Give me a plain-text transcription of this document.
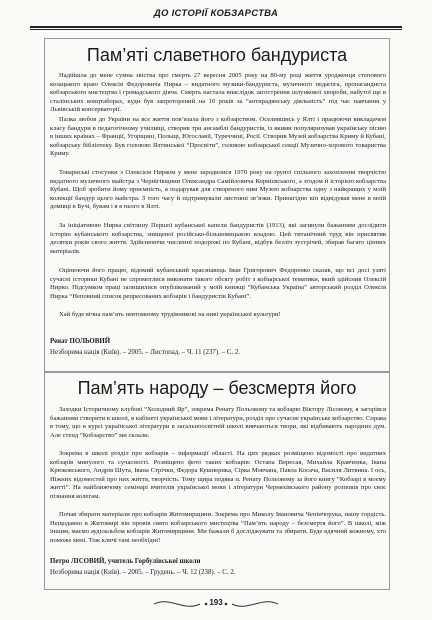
ДО ІСТОРІЇ КОБЗАРСТВА
Пам’яті славетного бандуриста
Надійшла до мене сумна звістка про смерть 27 вересня 2005 року на 80-му році життя уродженця степового козацького краю Олексія Федоровича Нирка – видатного музики-бандуриста, музичного педагога, пропагандиста кобзарського мистецтва і громадського діяча. Смерть настала внаслідок загострення шлункової хвороби, набутої ще в сталінських концтаборах, куди був запроторений на 10 років за “антирадянську діяльність” під час навчання у Львівській консерваторії.
Палка любов до України на все життя пов’язала його з кобзарством. Оселившись у Ялті і працюючи викладачем класу бандури в педагогічному училищі, створив три ансамблі бандуристів, із якими популяризував українську пісню в інших країнах – Франції, Угорщині, Польщі, Югославії, Туреччині, Росії. Створив Музей кобзарства Криму й Кубані, кобзарську бібліотеку. Був головою Ялтинської “Просвіти”, головою кобзарської секції Музично-хорового товариства Криму.
Товариські стосунки з Олексієм Нирком у мене зародилися 1970 року на ґрунті спільного захоплення творчістю видатного музичного майстра з Чернігівщини Олександра Самійловича Корнієвського, а згодом й історією кобзарства Кубані. Щоб зробити йому приємність, я подарував для створеного ним Музею кобзарства одну з найкращих у моїй колекції бандур цього майстра. З того часу й підтримували листовні зв’язки. Принагідно він відвідував мене в моїй домівці в Бучі, бувам і я в нього в Ялті.
За ініціативою Нирка світлину Першої кубанської капели бандуристів (1913), які загинули бажанням дослідити історію кубанського кобзарства, знищеної російсько-більшовицькою владою. Цей титанічний труд він присвятив десятки років свого життя. Здійснюючи численні подорожі по Кубані, відбув безліч зустрічей, збирав багато цінних матеріалів.
Оцінюючи його працю, відомий кубанський краєзнавець Іван Григорович Федоренко сказав, що всі досі узяті сучасні історики Кубані не спромоглися виконати такого обсягу робіт з кобзарської тематики, який здійснив Олексій Нирко. Підсумком праці залишилися опублікований у моїй книжці “Кубанська Україна” авторський розділ Олексія Нирка “Неповний список репресованих кобзарів і бандуристів Кубані”.
Хай буде вічна пам’ять невтомному трудівникові на ниві української культури!
Ренат ПОЛЬОВИЙ
Незборима нація (Київ). – 2005. – Листопад. – Ч. 11 (237). – С. 2.
Пам’ять народу – безсмертя його
Заходки Історичному клубові “Холодний Яр”, зокрема Ренату Польовому та кобзарю Віктору Лісовому, я загорівся бажанням створити в школі, в кабінеті української мови і літератури, розділ про сучасне українське кобзарство. Справа в тому, що в курсі української літератури в загальноосвітній школі вивчаються твори, які відбивають народних дум. Але стенд “Кобзарство” ми склали.
Зокрема в школі розділ про кобзарів – інформації області. На цих рядках розміщено відомості про видатних кобзарів минулого та сучасності. Розміщено фото таких кобзарів: Остапа Вересая, Михайла Кравченка, Івана Крюковського, Андрія Шута, Івана Стрічки, Федора Кушнерика, Сірка Мовчана, Павла Косача, Василя Литвина. І ось, Ніжних відомостей про них життя, творчість. Тому щира подяка п. Ренату Польовому за його книгу “Кобзарі в моєму житті”. На найближчому семінарі вчителів української мови і літератури Черняхівського району розповів про своє пізнання колегам.
Почав збирати матеріали про кобзарів Житомирщини. Зокрема про Миколу Івановича Чепінчорука, нашу гордість. Нещодавно в Житомирі він провів свято кобзарського мистецтва “Пам’ять народу – безсмертя його”. В школі, між іншим, маємо аудіоальбом кобзарів Житомирщини. Ми бажали б досліджувати та збирати. Буде вдячний кожному, хто поможе мені. Тож кличі тані необхідні!
Петро ЛІСОВИЙ, учитель Горбулівської школи
Незборима нація (Київ). – 2005. – Грудень. – Ч. 12 (238). – С. 2.
193
